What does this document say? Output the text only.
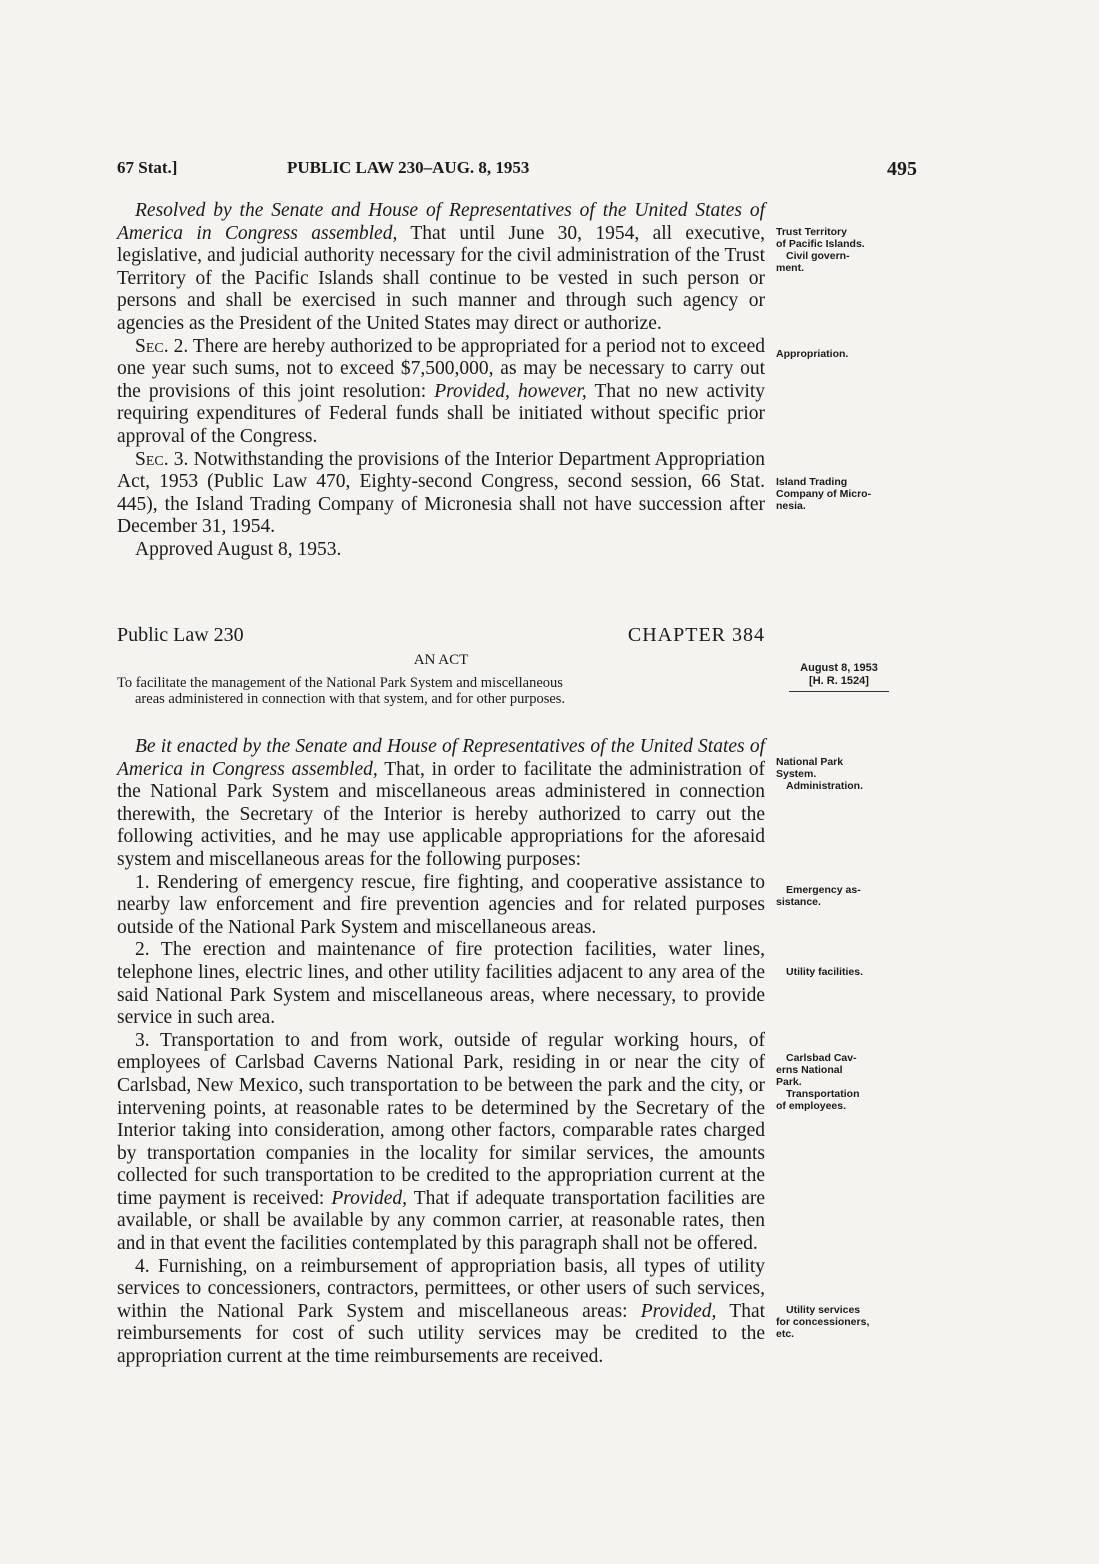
67 Stat.]	PUBLIC LAW 230–AUG. 8, 1953	495

Resolved by the Senate and House of Representatives of the United States of America in Congress assembled, That until June 30, 1954, all executive, legislative, and judicial authority necessary for the civil administration of the Trust Territory of the Pacific Islands shall continue to be vested in such person or persons and shall be exercised in such manner and through such agency or agencies as the President of the United States may direct or authorize.

Sec. 2. There are hereby authorized to be appropriated for a period not to exceed one year such sums, not to exceed $7,500,000, as may be necessary to carry out the provisions of this joint resolution: Provided, however, That no new activity requiring expenditures of Federal funds shall be initiated without specific prior approval of the Congress.

Sec. 3. Notwithstanding the provisions of the Interior Department Appropriation Act, 1953 (Public Law 470, Eighty-second Congress, second session, 66 Stat. 445), the Island Trading Company of Micronesia shall not have succession after December 31, 1954.

Approved August 8, 1953.

Trust Territory
of Pacific Islands.
Civil govern-
ment.
Appropriation.
Island Trading
Company of Micro-
nesia.
Public Law 230	CHAPTER 384
AN ACT
To facilitate the management of the National Park System and miscellaneous
areas administered in connection with that system, and for other purposes.
August 8, 1953
[H. R. 1524]

Be it enacted by the Senate and House of Representatives of the United States of America in Congress assembled, That, in order to facilitate the administration of the National Park System and miscellaneous areas administered in connection therewith, the Secretary of the Interior is hereby authorized to carry out the following activities, and he may use applicable appropriations for the aforesaid system and miscellaneous areas for the following purposes:

1. Rendering of emergency rescue, fire fighting, and cooperative assistance to nearby law enforcement and fire prevention agencies and for related purposes outside of the National Park System and miscellaneous areas.

2. The erection and maintenance of fire protection facilities, water lines, telephone lines, electric lines, and other utility facilities adjacent to any area of the said National Park System and miscellaneous areas, where necessary, to provide service in such area.

3. Transportation to and from work, outside of regular working hours, of employees of Carlsbad Caverns National Park, residing in or near the city of Carlsbad, New Mexico, such transportation to be between the park and the city, or intervening points, at reasonable rates to be determined by the Secretary of the Interior taking into consideration, among other factors, comparable rates charged by transportation companies in the locality for similar services, the amounts collected for such transportation to be credited to the appropriation current at the time payment is received: Provided, That if adequate transportation facilities are available, or shall be available by any common carrier, at reasonable rates, then and in that event the facilities contemplated by this paragraph shall not be offered.

4. Furnishing, on a reimbursement of appropriation basis, all types of utility services to concessioners, contractors, permittees, or other users of such services, within the National Park System and miscellaneous areas: Provided, That reimbursements for cost of such utility services may be credited to the appropriation current at the time reimbursements are received.

National Park
System.
Administration.
Emergency as-
sistance.
Utility facilities.
Carlsbad Cav-
erns National
Park.
Transportation
of employees.
Utility services
for concessioners,
etc.
